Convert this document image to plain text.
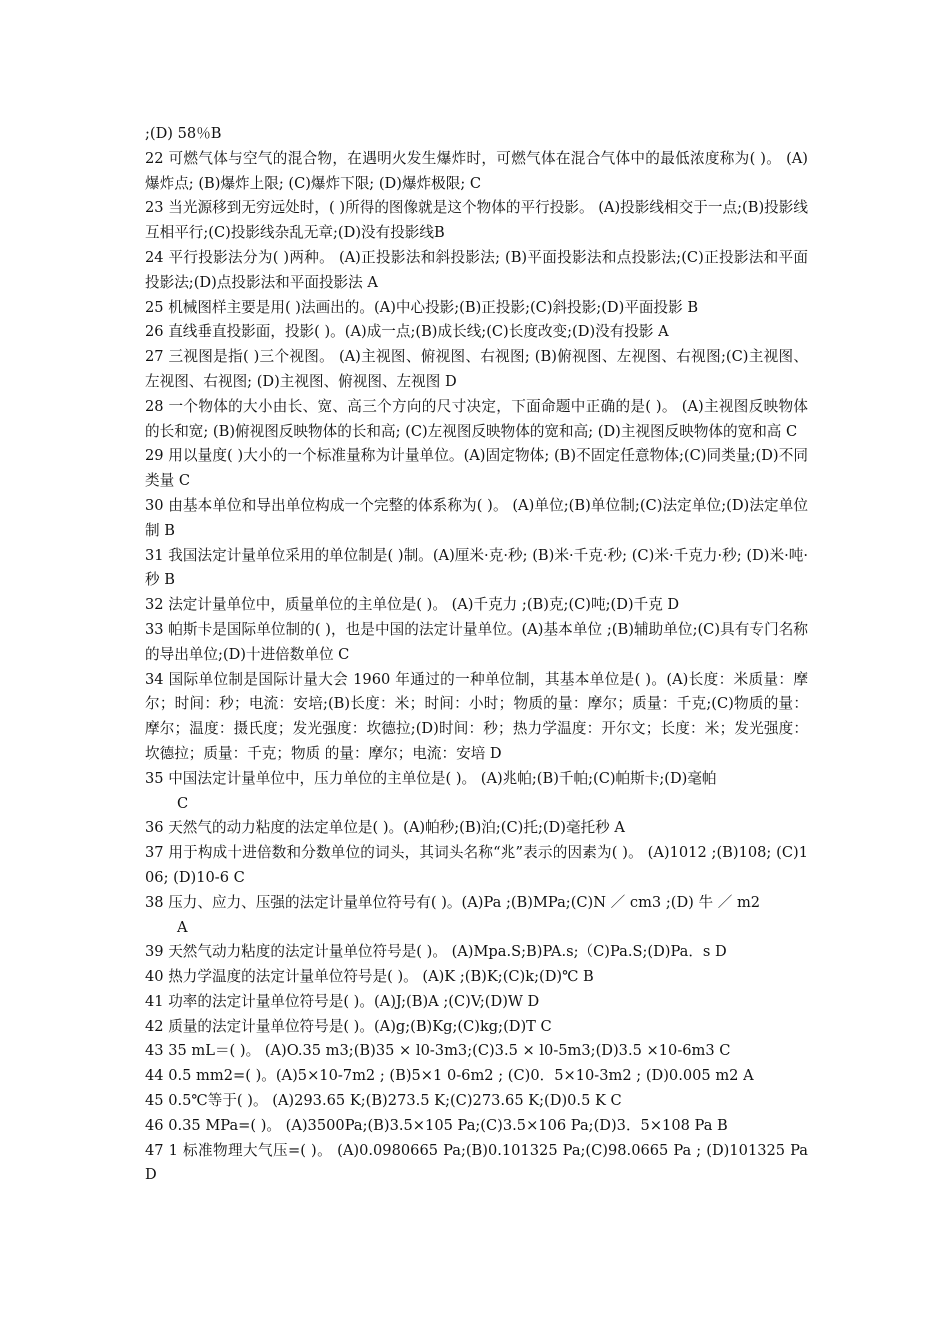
;(D) 58％B

22 可燃气体与空气的混合物，在遇明火发生爆炸时，可燃气体在混合气体中的最低浓度称为( )。 (A)爆炸点; (B)爆炸上限; (C)爆炸下限; (D)爆炸极限; C

23 当光源移到无穷远处时，( )所得的图像就是这个物体的平行投影。 (A)投影线相交于一点;(B)投影线互相平行;(C)投影线杂乱无章;(D)没有投影线B

24 平行投影法分为( )两种。 (A)正投影法和斜投影法; (B)平面投影法和点投影法;(C)正投影法和平面投影法;(D)点投影法和平面投影法 A

25 机械图样主要是用( )法画出的。(A)中心投影;(B)正投影;(C)斜投影;(D)平面投影 B

26 直线垂直投影面，投影( )。(A)成一点;(B)成长线;(C)长度改变;(D)没有投影 A

27 三视图是指( )三个视图。 (A)主视图、俯视图、右视图; (B)俯视图、左视图、右视图;(C)主视图、左视图、右视图; (D)主视图、俯视图、左视图 D

28 一个物体的大小由长、宽、高三个方向的尺寸决定，下面命题中正确的是( )。 (A)主视图反映物体的长和宽; (B)俯视图反映物体的长和高; (C)左视图反映物体的宽和高; (D)主视图反映物体的宽和高 C

29 用以量度( )大小的一个标准量称为计量单位。(A)固定物体; (B)不固定任意物体;(C)同类量;(D)不同类量 C

30 由基本单位和导出单位构成一个完整的体系称为( )。 (A)单位;(B)单位制;(C)法定单位;(D)法定单位制 B

31 我国法定计量单位采用的单位制是( )制。(A)厘米·克·秒; (B)米·千克·秒; (C)米·千克力·秒; (D)米·吨·秒 B

32 法定计量单位中，质量单位的主单位是( )。 (A)千克力 ;(B)克;(C)吨;(D)千克 D

33 帕斯卡是国际单位制的( )，也是中国的法定计量单位。(A)基本单位 ;(B)辅助单位;(C)具有专门名称的导出单位;(D)十进倍数单位 C

34 国际单位制是国际计量大会 1960 年通过的一种单位制，其基本单位是( )。(A)长度：米质量：摩尔；时间：秒；电流：安培;(B)长度：米；时间：小时；物质的量：摩尔；质量：千克;(C)物质的量：摩尔；温度：摄氏度；发光强度：坎德拉;(D)时间：秒；热力学温度：开尔文；长度：米；发光强度：坎德拉；质量：千克；物质 的量：摩尔；电流：安培 D

35 中国法定计量单位中，压力单位的主单位是( )。 (A)兆帕;(B)千帕;(C)帕斯卡;(D)毫帕

C

36 天然气的动力粘度的法定单位是( )。(A)帕秒;(B)泊;(C)托;(D)毫托秒 A

37 用于构成十进倍数和分数单位的词头，其词头名称“兆”表示的因素为( )。 (A)1012 ;(B)108; (C)106; (D)10-6 C

38 压力、应力、压强的法定计量单位符号有( )。(A)Pa ;(B)MPa;(C)N ／ cm3 ;(D) 牛 ／ m2

A

39 天然气动力粘度的法定计量单位符号是( )。 (A)Mpa.S;B)PA.s;（C)Pa.S;(D)Pa．s D

40 热力学温度的法定计量单位符号是( )。 (A)K ;(B)K;(C)k;(D)℃ B

41 功率的法定计量单位符号是( )。(A)J;(B)A ;(C)V;(D)W D

42 质量的法定计量单位符号是( )。(A)g;(B)Kg;(C)kg;(D)T C

43 35 mL＝( )。 (A)O.35 m3;(B)35 × l0-3m3;(C)3.5 × l0-5m3;(D)3.5 ×10-6m3 C

44 0.5 mm2=( )。(A)5×10-7m2 ; (B)5×1 0-6m2 ; (C)0．5×10-3m2 ; (D)0.005 m2 A

45 0.5℃等于( )。 (A)293.65 K;(B)273.5 K;(C)273.65 K;(D)0.5 K C

46 0.35 MPa=( )。 (A)3500Pa;(B)3.5×105 Pa;(C)3.5×106 Pa;(D)3．5×108 Pa B

47 1 标准物理大气压=( )。 (A)0.0980665 Pa;(B)0.101325 Pa;(C)98.0665 Pa ; (D)101325 Pa D
